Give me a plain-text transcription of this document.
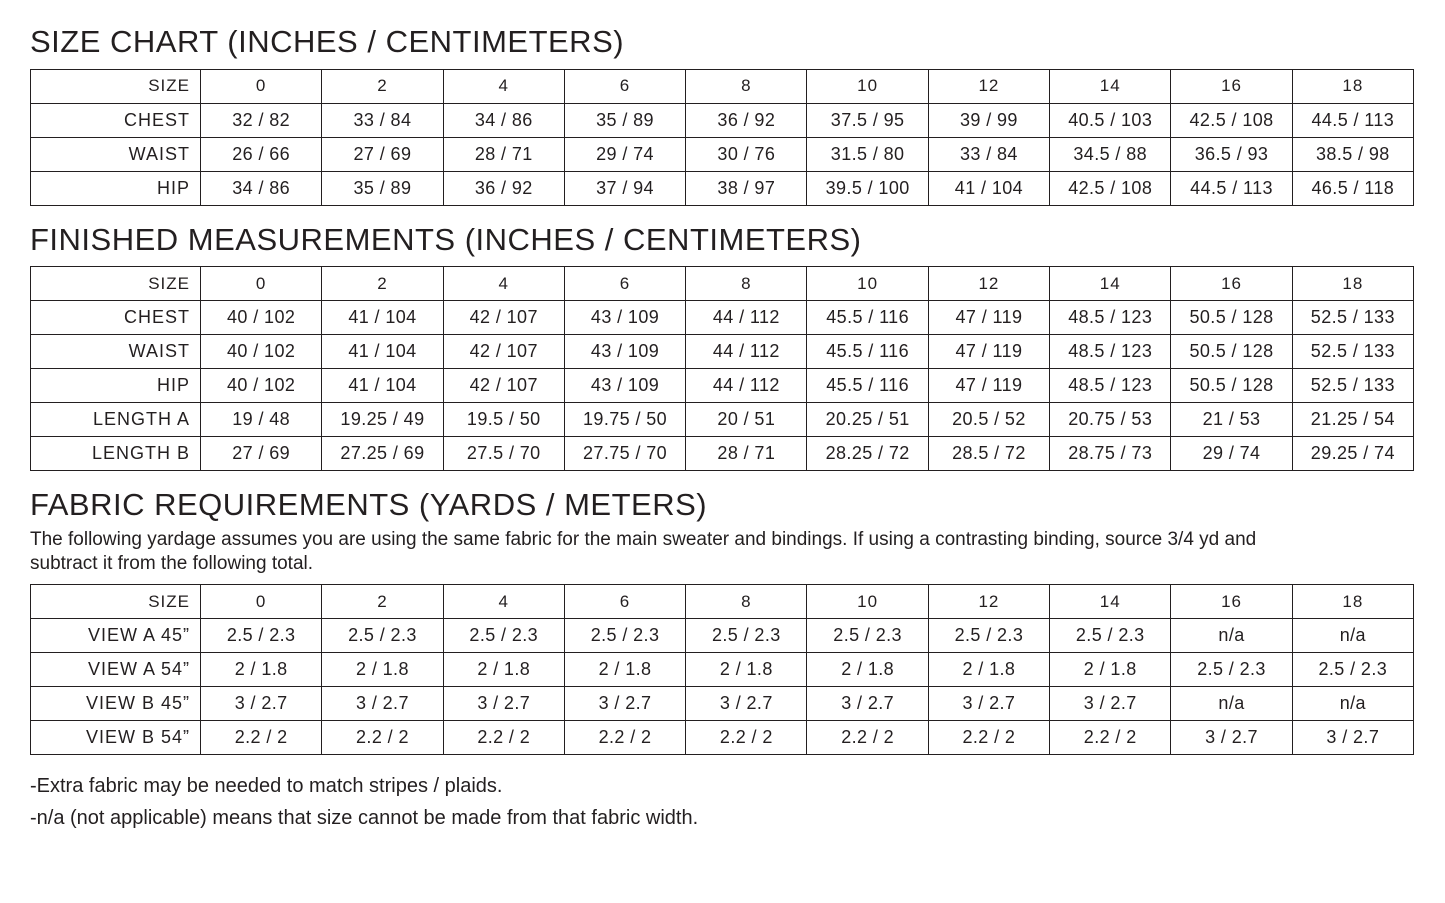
SIZE CHART (INCHES / CENTIMETERS)
SIZE	0	2	4	6	8	10	12	14	16	18
CHEST	32 / 82	33 / 84	34 / 86	35 / 89	36 / 92	37.5 / 95	39 / 99	40.5 / 103	42.5 / 108	44.5 / 113
WAIST	26 / 66	27 / 69	28 / 71	29 / 74	30 / 76	31.5 / 80	33 / 84	34.5 / 88	36.5 / 93	38.5 / 98
HIP	34 / 86	35 / 89	36 / 92	37 / 94	38 / 97	39.5 / 100	41 / 104	42.5 / 108	44.5 / 113	46.5 / 118
FINISHED MEASUREMENTS (INCHES / CENTIMETERS)
SIZE	0	2	4	6	8	10	12	14	16	18
CHEST	40 / 102	41 / 104	42 / 107	43 / 109	44 / 112	45.5 / 116	47 / 119	48.5 / 123	50.5 / 128	52.5 / 133
WAIST	40 / 102	41 / 104	42 / 107	43 / 109	44 / 112	45.5 / 116	47 / 119	48.5 / 123	50.5 / 128	52.5 / 133
HIP	40 / 102	41 / 104	42 / 107	43 / 109	44 / 112	45.5 / 116	47 / 119	48.5 / 123	50.5 / 128	52.5 / 133
LENGTH A	19 / 48	19.25 / 49	19.5 / 50	19.75 / 50	20 / 51	20.25 / 51	20.5 / 52	20.75 / 53	21 / 53	21.25 / 54
LENGTH B	27 / 69	27.25 / 69	27.5 / 70	27.75 / 70	28 / 71	28.25 / 72	28.5 / 72	28.75 / 73	29 / 74	29.25 / 74
FABRIC REQUIREMENTS (YARDS / METERS)

The following yardage assumes you are using the same fabric for the main sweater and bindings. If using a contrasting binding, source 3/4 yd and subtract it from the following total.

SIZE	0	2	4	6	8	10	12	14	16	18
VIEW A 45”	2.5 / 2.3	2.5 / 2.3	2.5 / 2.3	2.5 / 2.3	2.5 / 2.3	2.5 / 2.3	2.5 / 2.3	2.5 / 2.3	n/a	n/a
VIEW A 54”	2 / 1.8	2 / 1.8	2 / 1.8	2 / 1.8	2 / 1.8	2 / 1.8	2 / 1.8	2 / 1.8	2.5 / 2.3	2.5 / 2.3
VIEW B 45”	3 / 2.7	3 / 2.7	3 / 2.7	3 / 2.7	3 / 2.7	3 / 2.7	3 / 2.7	3 / 2.7	n/a	n/a
VIEW B 54”	2.2 / 2	2.2 / 2	2.2 / 2	2.2 / 2	2.2 / 2	2.2 / 2	2.2 / 2	2.2 / 2	3 / 2.7	3 / 2.7

-Extra fabric may be needed to match stripes / plaids.

-n/a (not applicable) means that size cannot be made from that fabric width.
